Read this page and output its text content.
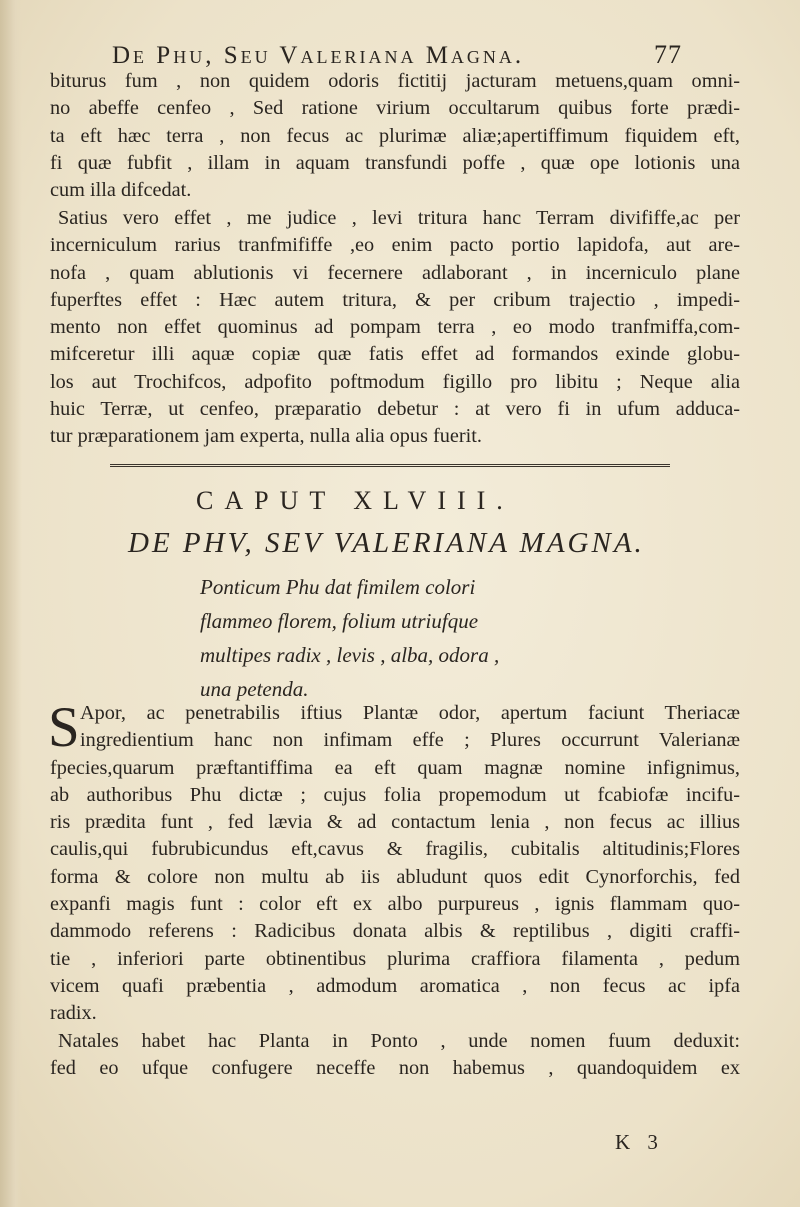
De Phu, Seu Valeriana Magna.	77
biturus fum , non quidem odoris fictitij jacturam metuens,quam omni-
no abeffe cenfeo , Sed ratione virium occultarum quibus forte prædi-
ta eft hæc terra , non fecus ac plurimæ aliæ;apertiffimum fiquidem eft,
fi quæ fubfit , illam in aquam transfundi poffe , quæ ope lotionis una
cum illa difcedat.
Satius vero effet , me judice , levi tritura hanc Terram divififfe,ac per
incerniculum rarius tranfmififfe ,eo enim pacto portio lapidofa, aut are-
nofa , quam ablutionis vi fecernere adlaborant , in incerniculo plane
fuperftes effet : Hæc autem tritura, & per cribum trajectio , impedi-
mento non effet quominus ad pompam terra , eo modo tranfmiffa,com-
mifceretur illi aquæ copiæ quæ fatis effet ad formandos exinde globu-
los aut Trochifcos, adpofito poftmodum figillo pro libitu ; Neque alia
huic Terræ, ut cenfeo, præparatio debetur : at vero fi in ufum adduca-
tur præparationem jam experta, nulla alia opus fuerit.
CAPUT XLVIII.
DE PHV, SEV VALERIANA MAGNA.
Ponticum Phu dat fimilem colori
flammeo florem, folium utriufque
multipes radix , levis , alba, odora ,
una petenda.
S Apor, ac penetrabilis iftius Plantæ odor, apertum faciunt Theriacæ
ingredientium hanc non infimam effe ; Plures occurrunt Valerianæ
fpecies,quarum præftantiffima ea eft quam magnæ nomine infignimus,
ab authoribus Phu dictæ ; cujus folia propemodum ut fcabiofæ incifu-
ris prædita funt , fed lævia & ad contactum lenia , non fecus ac illius
caulis,qui fubrubicundus eft,cavus & fragilis, cubitalis altitudinis;Flores
forma & colore non multu ab iis abludunt quos edit Cynorforchis, fed
expanfi magis funt : color eft ex albo purpureus , ignis flammam quo-
dammodo referens : Radicibus donata albis & reptilibus , digiti craffi-
tie , inferiori parte obtinentibus plurima craffiora filamenta , pedum
vicem quafi præbentia , admodum aromatica , non fecus ac ipfa
radix.
Natales habet hac Planta in Ponto , unde nomen fuum deduxit:
fed eo ufque confugere neceffe non habemus , quandoquidem ex
K 3
